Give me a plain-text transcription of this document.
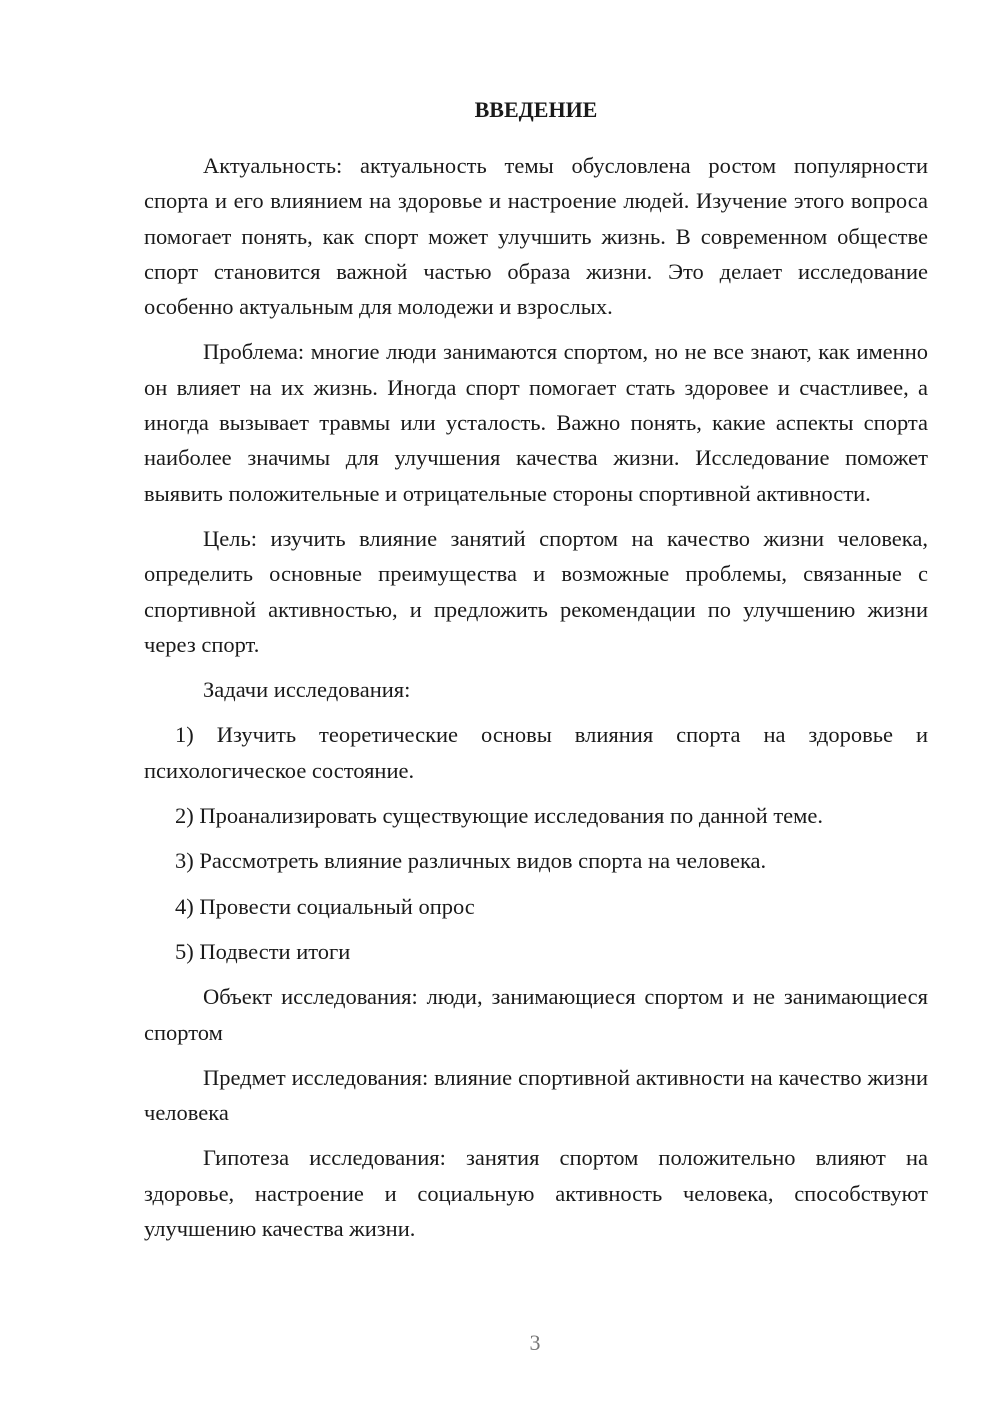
ВВЕДЕНИЕ

Актуальность: актуальность темы обусловлена ростом популярности спорта и его влиянием на здоровье и настроение людей. Изучение этого вопроса помогает понять, как спорт может улучшить жизнь. В современном обществе спорт становится важной частью образа жизни. Это делает исследование особенно актуальным для молодежи и взрослых.

Проблема: многие люди занимаются спортом, но не все знают, как именно он влияет на их жизнь. Иногда спорт помогает стать здоровее и счастливее, а иногда вызывает травмы или усталость. Важно понять, какие аспекты спорта наиболее значимы для улучшения качества жизни. Исследование поможет выявить положительные и отрицательные стороны спортивной активности.

Цель: изучить влияние занятий спортом на качество жизни человека, определить основные преимущества и возможные проблемы, связанные с спортивной активностью, и предложить рекомендации по улучшению жизни через спорт.

Задачи исследования:

1) Изучить теоретические основы влияния спорта на здоровье и психологическое состояние.

2) Проанализировать существующие исследования по данной теме.

3) Рассмотреть влияние различных видов спорта на человека.

4) Провести социальный опрос

5) Подвести итоги

Объект исследования: люди, занимающиеся спортом и не занимающиеся спортом

Предмет исследования: влияние спортивной активности на качество жизни человека

Гипотеза исследования: занятия спортом положительно влияют на здоровье, настроение и социальную активность человека, способствуют улучшению качества жизни.

3
